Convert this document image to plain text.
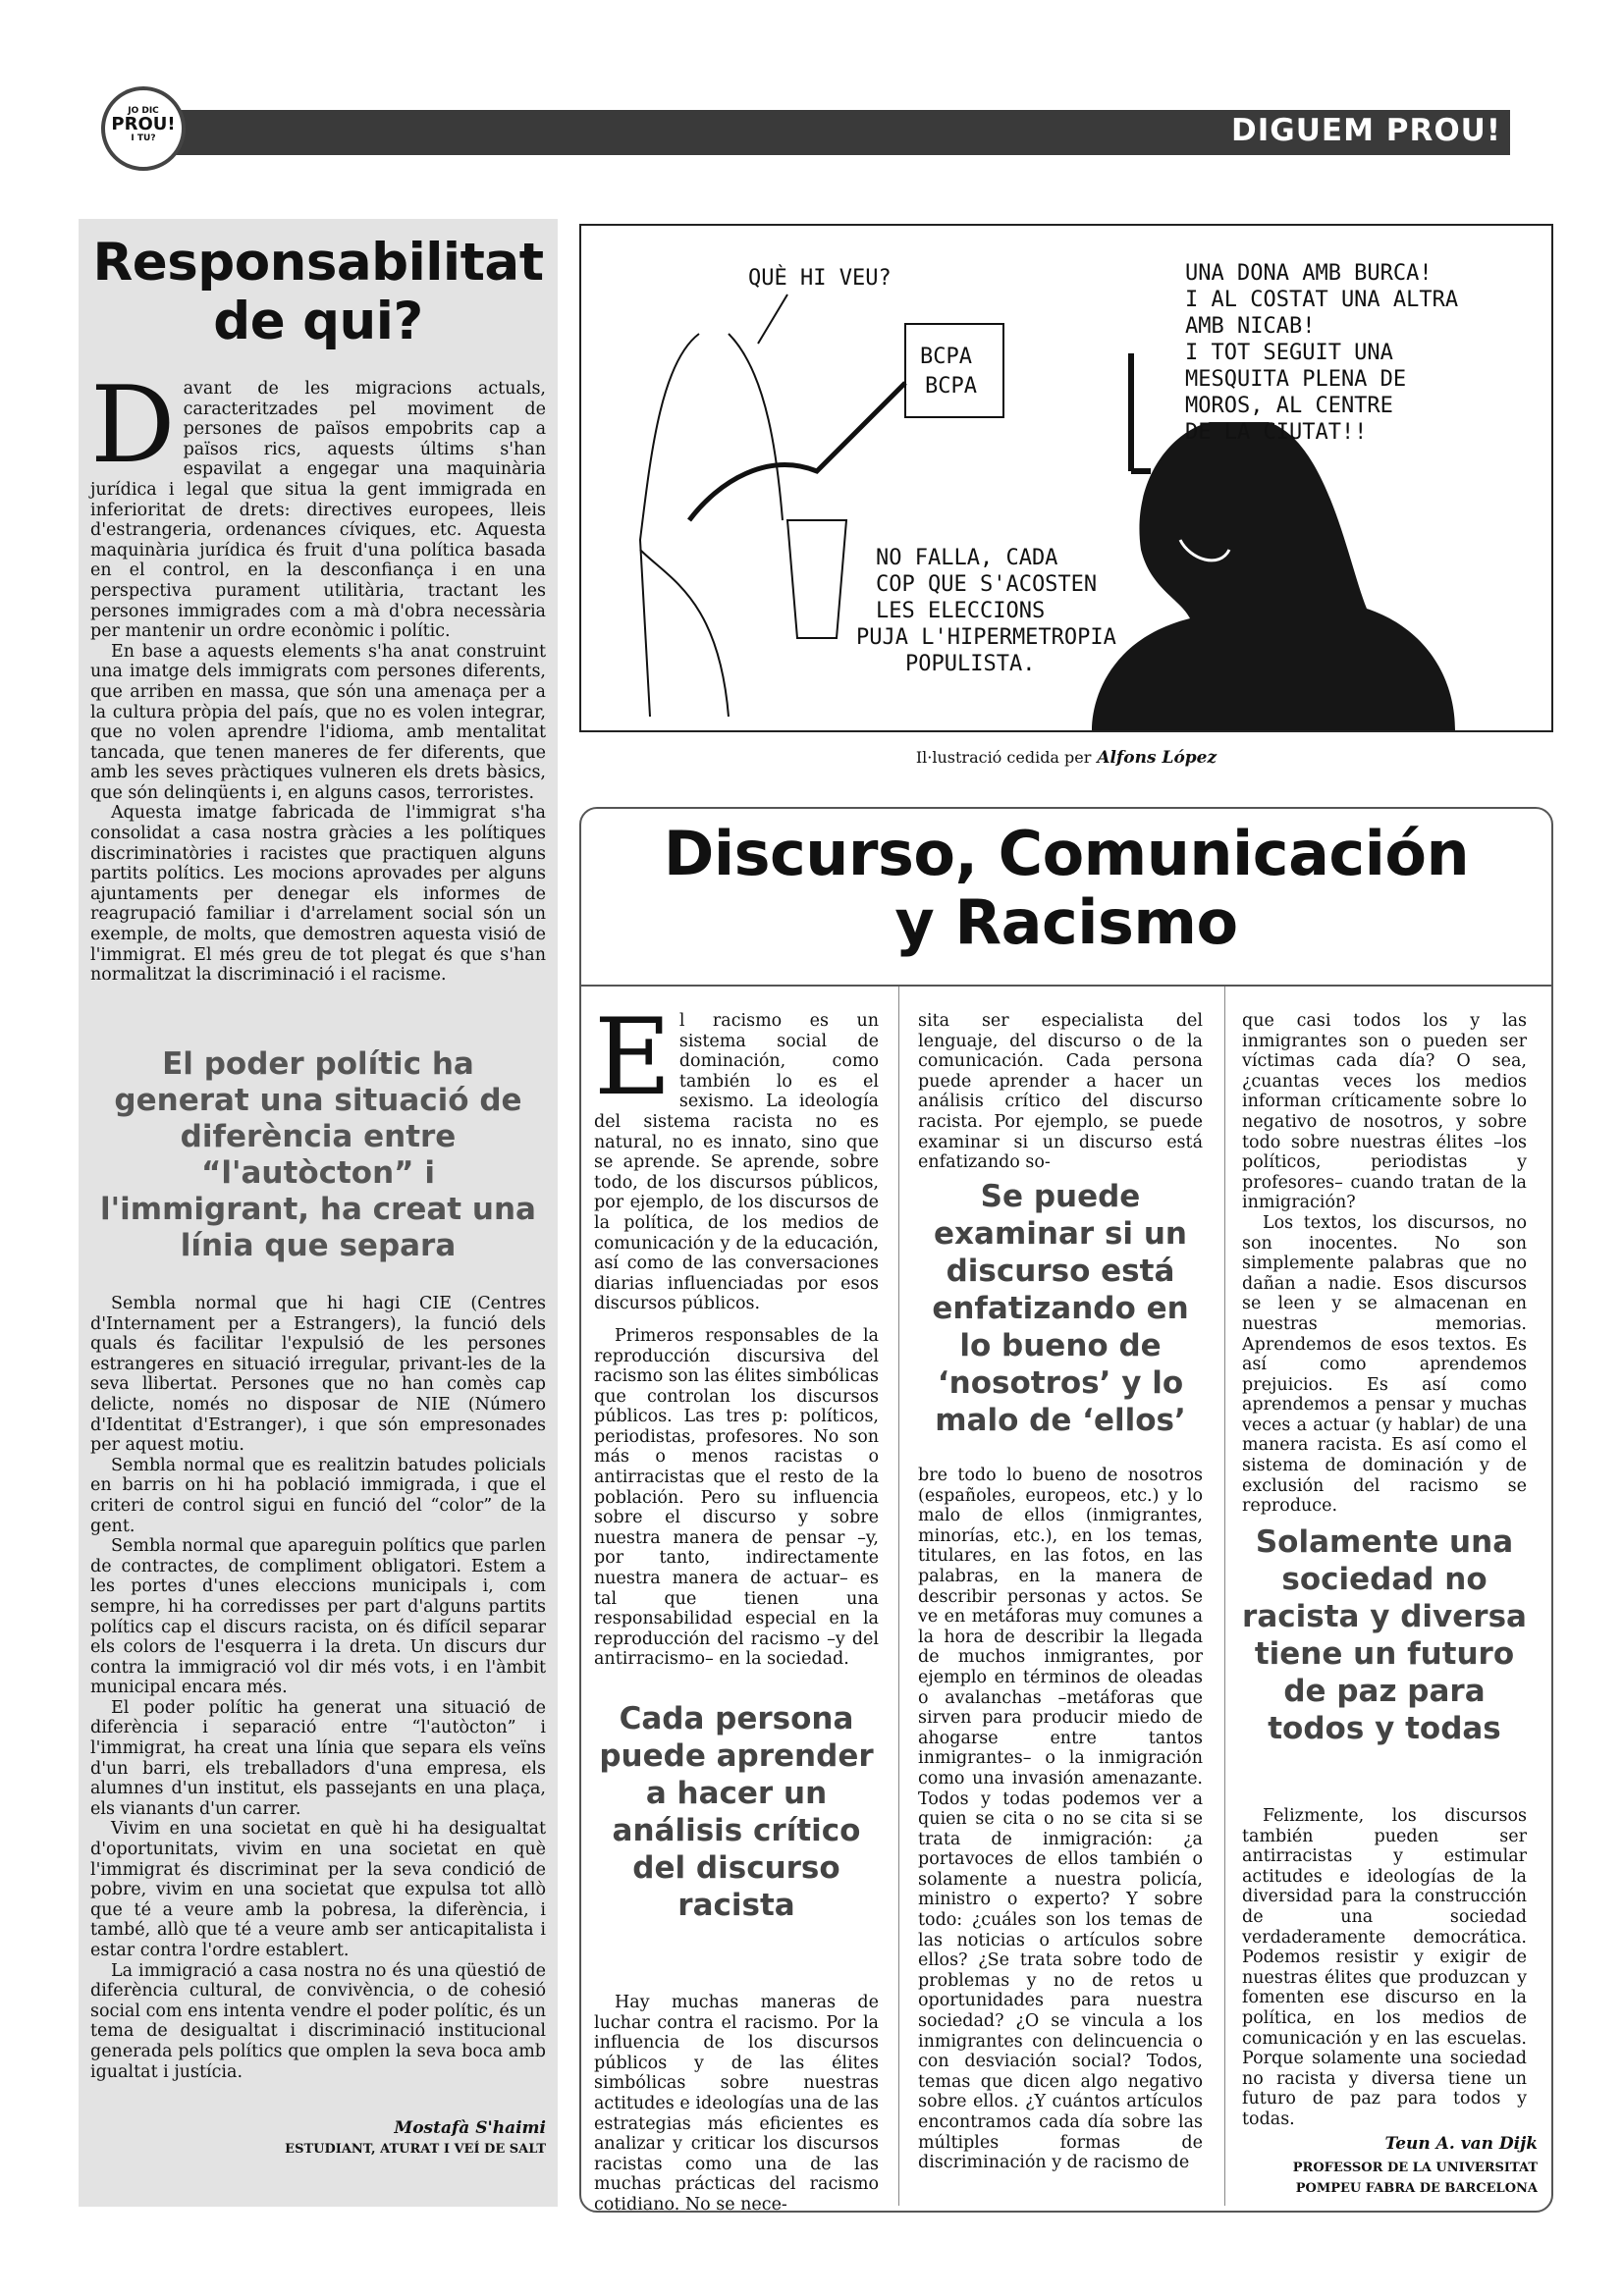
DIGUEM PROU!
JO DIC
PROU!
I TU?
Responsabilitat
de qui?

Davant de les migracions actuals, caracteritzades pel moviment de persones de països empobrits cap a països rics, aquests últims s'han espavilat a engegar una maquinària jurídica i legal que situa la gent immigrada en inferioritat de drets: directives europees, lleis d'estrangeria, ordenances cíviques, etc. Aquesta maquinària jurídica és fruit d'una política basada en el control, en la desconfiança i en una perspectiva purament utilitària, tractant les persones immigrades com a mà d'obra necessària per mantenir un ordre econòmic i polític.

En base a aquests elements s'ha anat construint una imatge dels immigrats com persones diferents, que arriben en massa, que són una amenaça per a la cultura pròpia del país, que no es volen integrar, que no volen aprendre l'idioma, amb mentalitat tancada, que tenen maneres de fer diferents, que amb les seves pràctiques vulneren els drets bàsics, que són delinqüents i, en alguns casos, terroristes.

Aquesta imatge fabricada de l'immigrat s'ha consolidat a casa nostra gràcies a les polítiques discriminatòries i racistes que practiquen alguns partits polítics. Les mocions aprovades per alguns ajuntaments per denegar els informes de reagrupació familiar i d'arrelament social són un exemple, de molts, que demostren aquesta visió de l'immigrat. El més greu de tot plegat és que s'han normalitzat la discriminació i el racisme.

El poder polític ha generat una situació de diferència entre “l'autòcton” i l'immigrant, ha creat una línia que separa

Sembla normal que hi hagi CIE (Centres d'Internament per a Estrangers), la funció dels quals és facilitar l'expulsió de les persones estrangeres en situació irregular, privant-les de la seva llibertat. Persones que no han comès cap delicte, només no disposar de NIE (Número d'Identitat d'Estranger), i que són empresonades per aquest motiu.

Sembla normal que es realitzin batudes policials en barris on hi ha població immigrada, i que el criteri de control sigui en funció del “color” de la gent.

Sembla normal que apareguin polítics que parlen de contractes, de compliment obligatori. Estem a les portes d'unes eleccions municipals i, com sempre, hi ha corredisses per part d'alguns partits polítics cap el discurs racista, on és difícil separar els colors de l'esquerra i la dreta. Un discurs dur contra la immigració vol dir més vots, i en l'àmbit municipal encara més.

El poder polític ha generat una situació de diferència i separació entre “l'autòcton” i l'immigrat, ha creat una línia que separa els veïns d'un barri, els treballadors d'una empresa, els alumnes d'un institut, els passejants en una plaça, els vianants d'un carrer.

Vivim en una societat en què hi ha desigualtat d'oportunitats, vivim en una societat en què l'immigrat és discriminat per la seva condició de pobre, vivim en una societat que expulsa tot allò que té a veure amb la pobresa, la diferència, i també, allò que té a veure amb ser anticapitalista i estar contra l'ordre establert.

La immigració a casa nostra no és una qüestió de diferència cultural, de convivència, o de cohesió social com ens intenta vendre el poder polític, és un tema de desigualtat i discriminació institucional generada pels polítics que omplen la seva boca amb igualtat i justícia.

Mostafà S'haimi
ESTUDIANT, ATURAT I VEÍ DE SALT
BCPA
BCPA
QUÈ HI VEU?	UNA DONA AMB BURCA!
I AL COSTAT UNA ALTRA
AMB NICAB!
I TOT SEGUIT UNA
MESQUITA PLENA DE
MOROS, AL CENTRE
DE LA CIUTAT!!
NO FALLA, CADA
COP QUE S'ACOSTEN
LES ELECCIONS
PUJA L'HIPERMETROPIA
POPULISTA.
Il·lustració cedida per Alfons López
Discurso, Comunicación
y Racismo

El racismo es un sistema social de dominación, como también lo es el sexismo. La ideología del sistema racista no es natural, no es innato, sino que se aprende. Se aprende, sobre todo, de los discursos públicos, por ejemplo, de los discursos de la política, de los medios de comunicación y de la educación, así como de las conversaciones diarias influenciadas por esos discursos públicos.

Primeros responsables de la reproducción discursiva del racismo son las élites simbólicas que controlan los discursos públicos. Las tres p: políticos, periodistas, profesores. No son más o menos racistas o antirracistas que el resto de la población. Pero su influencia sobre el discurso y sobre nuestra manera de pensar –y, por tanto, indirectamente nuestra manera de actuar– es tal que tienen una responsabilidad especial en la reproducción del racismo –y del antirracismo– en la sociedad.

Cada persona puede aprender a hacer un análisis crítico del discurso racista

Hay muchas maneras de luchar contra el racismo. Por la influencia de los discursos públicos y de las élites simbólicas sobre nuestras actitudes e ideologías una de las estrategias más eficientes es analizar y criticar los discursos racistas como una de las muchas prácticas del racismo cotidiano. No se nece-

sita ser especialista del lenguaje, del discurso o de la comunicación. Cada persona puede aprender a hacer un análisis crítico del discurso racista. Por ejemplo, se puede examinar si un discurso está enfatizando so-

Se puede examinar si un discurso está enfatizando en lo bueno de ‘nosotros’ y lo malo de ‘ellos’

bre todo lo bueno de nosotros (españoles, europeos, etc.) y lo malo de ellos (inmigrantes, minorías, etc.), en los temas, titulares, en las fotos, en las palabras, en la manera de describir personas y actos. Se ve en metáforas muy comunes a la hora de describir la llegada de muchos inmigrantes, por ejemplo en términos de oleadas o avalanchas –metáforas que sirven para producir miedo de ahogarse entre tantos inmigrantes– o la inmigración como una invasión amenazante. Todos y todas podemos ver a quien se cita o no se cita si se trata de inmigración: ¿a portavoces de ellos también o solamente a nuestra policía, ministro o experto? Y sobre todo: ¿cuáles son los temas de las noticias o artículos sobre ellos? ¿Se trata sobre todo de problemas y no de retos u oportunidades para nuestra sociedad? ¿O se vincula a los inmigrantes con delincuencia o con desviación social? Todos, temas que dicen algo negativo sobre ellos. ¿Y cuántos artículos encontramos cada día sobre las múltiples formas de discriminación y de racismo de

que casi todos los y las inmigrantes son o pueden ser víctimas cada día? O sea, ¿cuantas veces los medios informan críticamente sobre lo negativo de nosotros, y sobre todo sobre nuestras élites –los políticos, periodistas y profesores– cuando tratan de la inmigración?

Los textos, los discursos, no son inocentes. No son simplemente palabras que no dañan a nadie. Esos discursos se leen y se almacenan en nuestras memorias. Aprendemos de esos textos. Es así como aprendemos prejuicios. Es así como aprendemos a pensar y muchas veces a actuar (y hablar) de una manera racista. Es así como el sistema de dominación y de exclusión del racismo se reproduce.

Solamente una sociedad no racista y diversa tiene un futuro de paz para todos y todas

Felizmente, los discursos también pueden ser antirracistas y estimular actitudes e ideologías de la diversidad para la construcción de una sociedad verdaderamente democrática. Podemos resistir y exigir de nuestras élites que produzcan y fomenten ese discurso en la política, en los medios de comunicación y en las escuelas. Porque solamente una sociedad no racista y diversa tiene un futuro de paz para todos y todas.

Teun A. van Dijk
PROFESSOR DE LA UNIVERSITAT
POMPEU FABRA DE BARCELONA
